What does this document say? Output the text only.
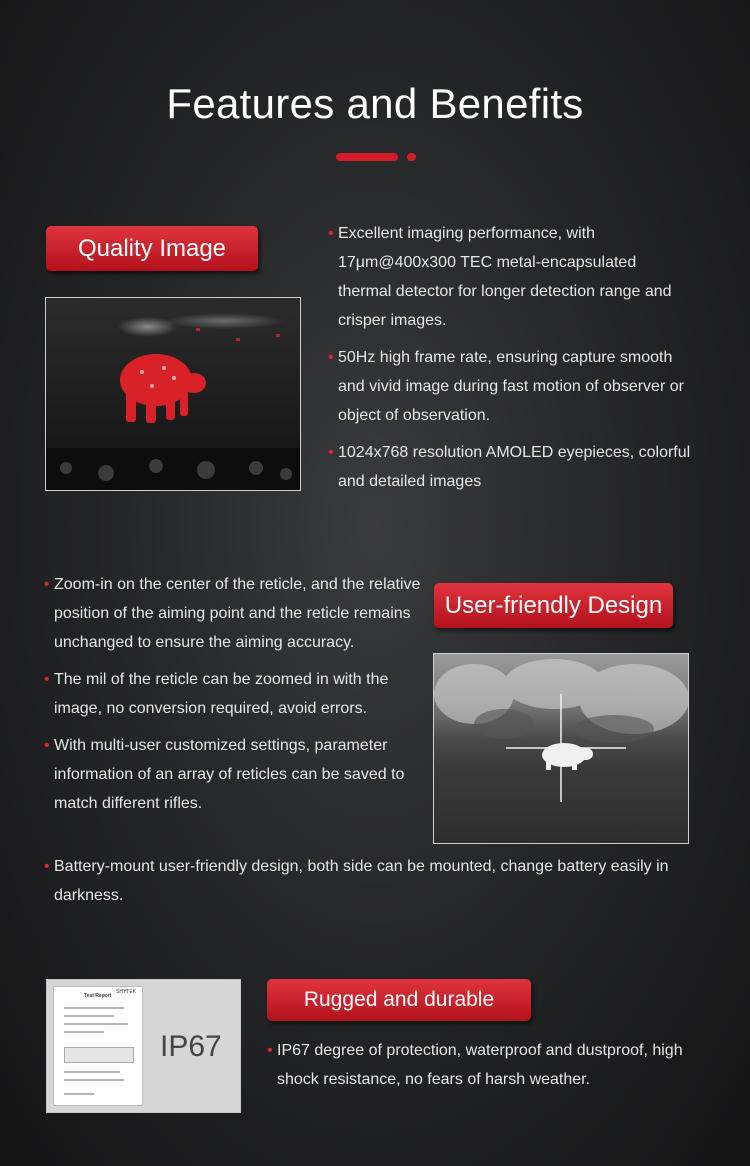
Features and Benefits
Quality Image
• Excellent imaging performance, with 17μm@400x300 TEC metal-encapsulated thermal detector for longer detection range and crisper images.
• 50Hz high frame rate, ensuring capture smooth and vivid image during fast motion of observer or object of observation.
• 1024x768 resolution AMOLED eyepieces, colorful and detailed images
• Zoom-in on the center of the reticle, and the relative position of the aiming point and the reticle remains unchanged to ensure the aiming accuracy.
• The mil of the reticle can be zoomed in with the image, no conversion required, avoid errors.
• With multi-user customized settings, parameter information of an array of reticles can be saved to match different rifles.
User-friendly Design
• Battery-mount user-friendly design, both side can be mounted, change battery easily in darkness.
Test Report
SHYTEK
IP67
Rugged and durable
• IP67 degree of protection, waterproof and dustproof, high shock resistance, no fears of harsh weather.
